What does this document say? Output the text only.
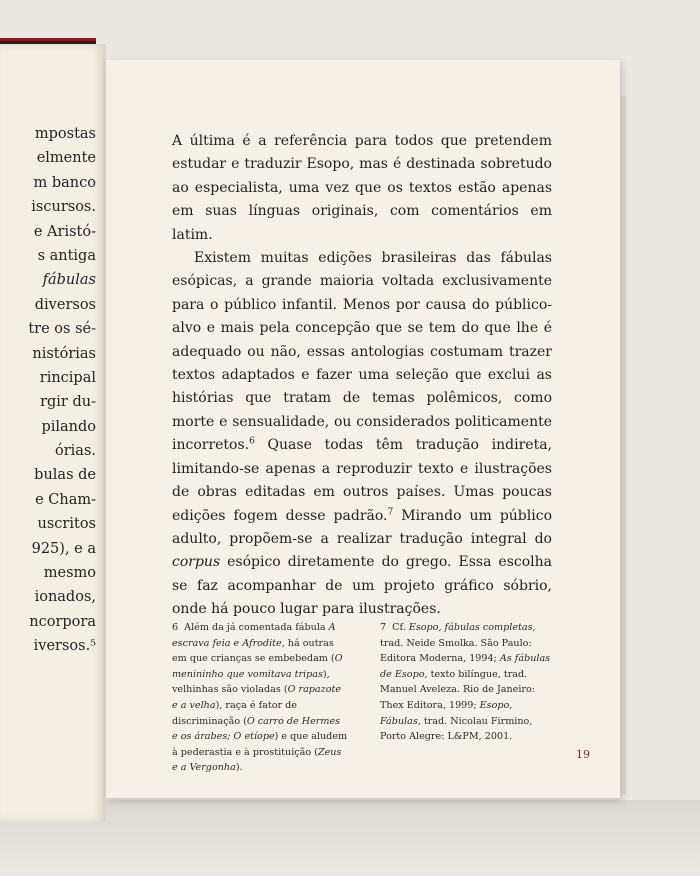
mpostas
elmente
m banco
iscursos.
e Aristó-
s antiga
fábulas
diversos
tre os sé-
nistórias
rincipal
rgir du-
pilando
órias.
bulas de
e Cham-
uscritos
925), e a
mesmo
ionados,
ncorpora
iversos.⁵

A última é a referência para todos que pretendem estudar e traduzir Esopo, mas é destinada sobretudo ao especialista, uma vez que os textos estão apenas em suas línguas originais, com comentários em latim.

Existem muitas edições brasileiras das fábulas esópicas, a grande maioria voltada exclusivamente para o público infantil. Menos por causa do público-alvo e mais pela concepção que se tem do que lhe é adequado ou não, essas antologias costumam trazer textos adaptados e fazer uma seleção que exclui as histórias que tratam de temas polêmicos, como morte e sensualidade, ou considerados politicamente incorretos.$^6$ Quase todas têm tradução indireta, limitando-se apenas a reproduzir texto e ilustrações de obras editadas em outros países. Umas poucas edições fogem desse padrão.$^7$ Mirando um público adulto, propõem-se a realizar tradução integral do corpus esópico diretamente do grego. Essa escolha se faz acompanhar de um projeto gráfico sóbrio, onde há pouco lugar para ilustrações.

6 Além da já comentada fábula A escrava feia e Afrodite, há outras em que crianças se embebedam (O menininho que vomitava tripas), velhinhas são violadas (O rapazote e a velha), raça é fator de discriminação (O carro de Hermes e os árabes; O etíope) e que aludem à pederastia e à prostituição (Zeus e a Vergonha).
7 Cf. Esopo, fábulas completas, trad. Neide Smolka. São Paulo: Editora Moderna, 1994; As fábulas de Esopo, texto bilíngue, trad. Manuel Aveleza. Rio de Janeiro: Thex Editora, 1999; Esopo, Fábulas, trad. Nicolau Firmino, Porto Alegre: L&PM, 2001.
19
